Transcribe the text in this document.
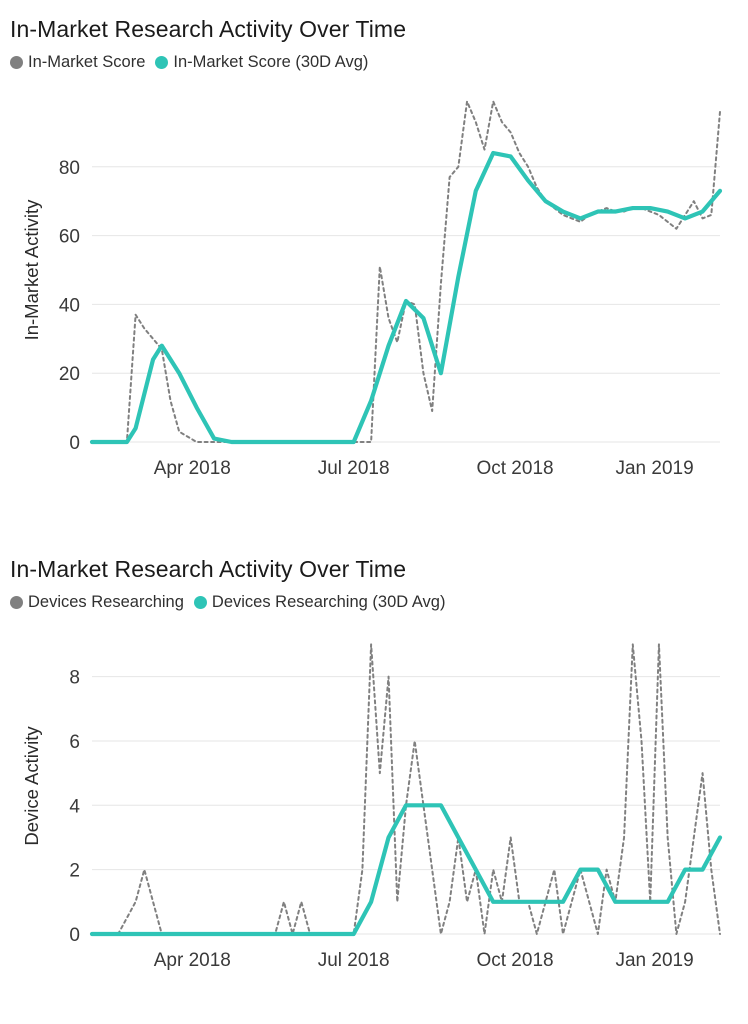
In-Market Research Activity Over Time
In-Market Score In-Market Score (30D Avg)
0
20
40
60
80
In-Market Activity
Apr 2018	Jul 2018	Oct 2018	Jan 2019
In-Market Research Activity Over Time
Devices Researching Devices Researching (30D Avg)
0
2
4
6
8
Device Activity
Apr 2018	Jul 2018	Oct 2018	Jan 2019
